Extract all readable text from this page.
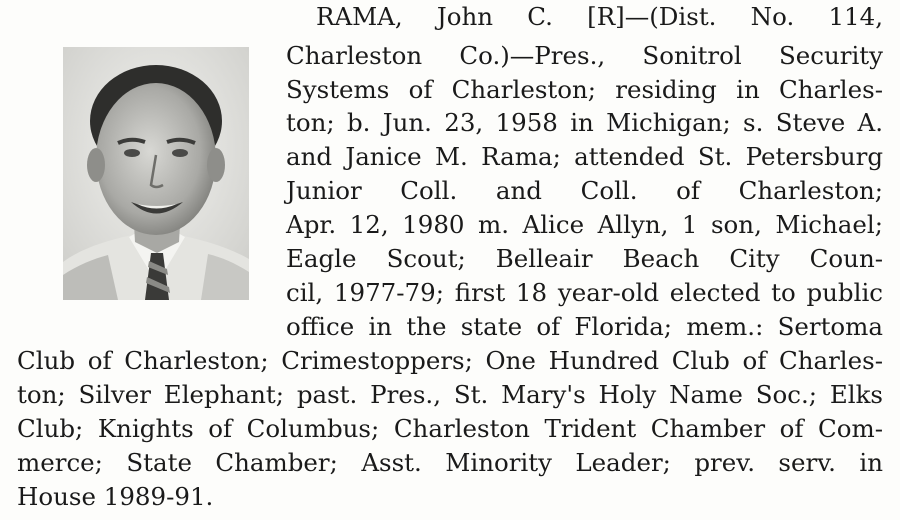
RAMA, John C. [R]—(Dist. No. 114,
Charleston Co.)—Pres., Sonitrol Security
Systems of Charleston; residing in Charles-
ton; b. Jun. 23, 1958 in Michigan; s. Steve A.
and Janice M. Rama; attended St. Petersburg
Junior Coll. and Coll. of Charleston;
Apr. 12, 1980 m. Alice Allyn, 1 son, Michael;
Eagle Scout; Belleair Beach City Coun-
cil, 1977-79; first 18 year-old elected to public
office in the state of Florida; mem.: Sertoma
Club of Charleston; Crimestoppers; One Hundred Club of Charles-
ton; Silver Elephant; past. Pres., St. Mary's Holy Name Soc.; Elks
Club; Knights of Columbus; Charleston Trident Chamber of Com-
merce; State Chamber; Asst. Minority Leader; prev. serv. in
House 1989-91.
